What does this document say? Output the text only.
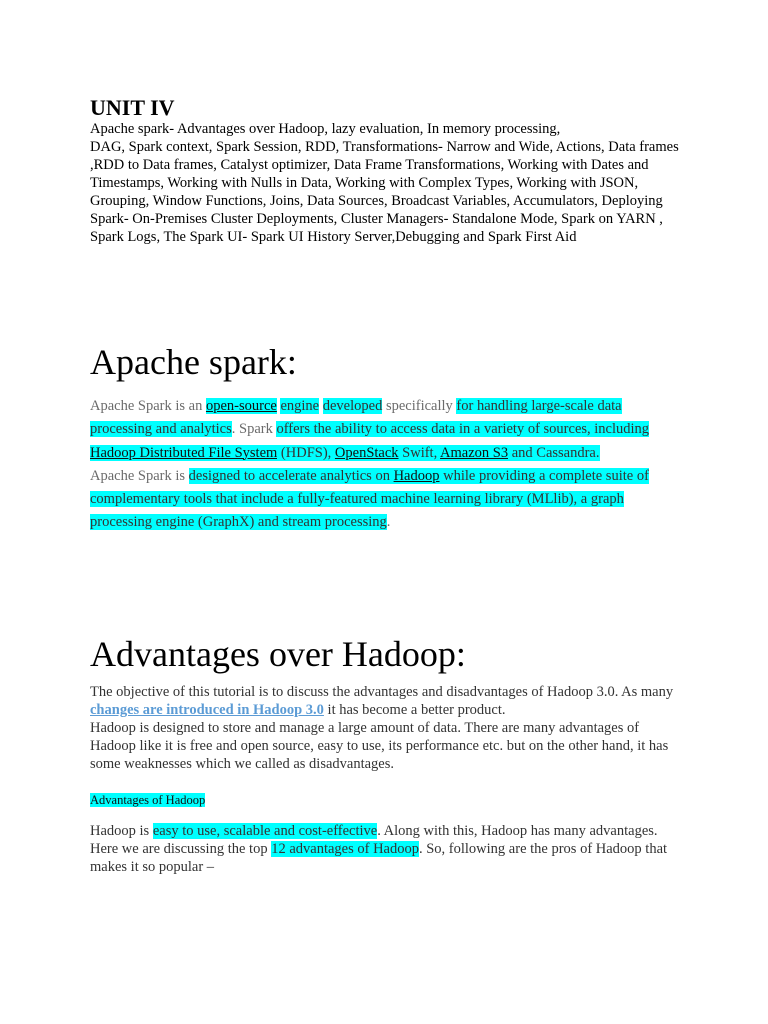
UNIT IV

Apache spark- Advantages over Hadoop, lazy evaluation, In memory processing,
DAG, Spark context, Spark Session, RDD, Transformations- Narrow and Wide, Actions, Data frames ,RDD to Data frames, Catalyst optimizer, Data Frame Transformations, Working with Dates and Timestamps, Working with Nulls in Data, Working with Complex Types, Working with JSON, Grouping, Window Functions, Joins, Data Sources, Broadcast Variables, Accumulators, Deploying Spark- On-Premises Cluster Deployments, Cluster Managers- Standalone Mode, Spark on YARN , Spark Logs, The Spark UI- Spark UI History Server,Debugging and Spark First Aid

Apache spark:

Apache Spark is an open-source engine developed specifically for handling large-scale data processing and analytics. Spark offers the ability to access data in a variety of sources, including Hadoop Distributed File System (HDFS), OpenStack Swift, Amazon S3 and Cassandra.
Apache Spark is designed to accelerate analytics on Hadoop while providing a complete suite of complementary tools that include a fully-featured machine learning library (MLlib), a graph processing engine (GraphX) and stream processing.

Advantages over Hadoop:

The objective of this tutorial is to discuss the advantages and disadvantages of Hadoop 3.0. As many changes are introduced in Hadoop 3.0 it has become a better product.
Hadoop is designed to store and manage a large amount of data. There are many advantages of Hadoop like it is free and open source, easy to use, its performance etc. but on the other hand, it has some weaknesses which we called as disadvantages.

Advantages of Hadoop

Hadoop is easy to use, scalable and cost-effective. Along with this, Hadoop has many advantages. Here we are discussing the top 12 advantages of Hadoop. So, following are the pros of Hadoop that makes it so popular –
